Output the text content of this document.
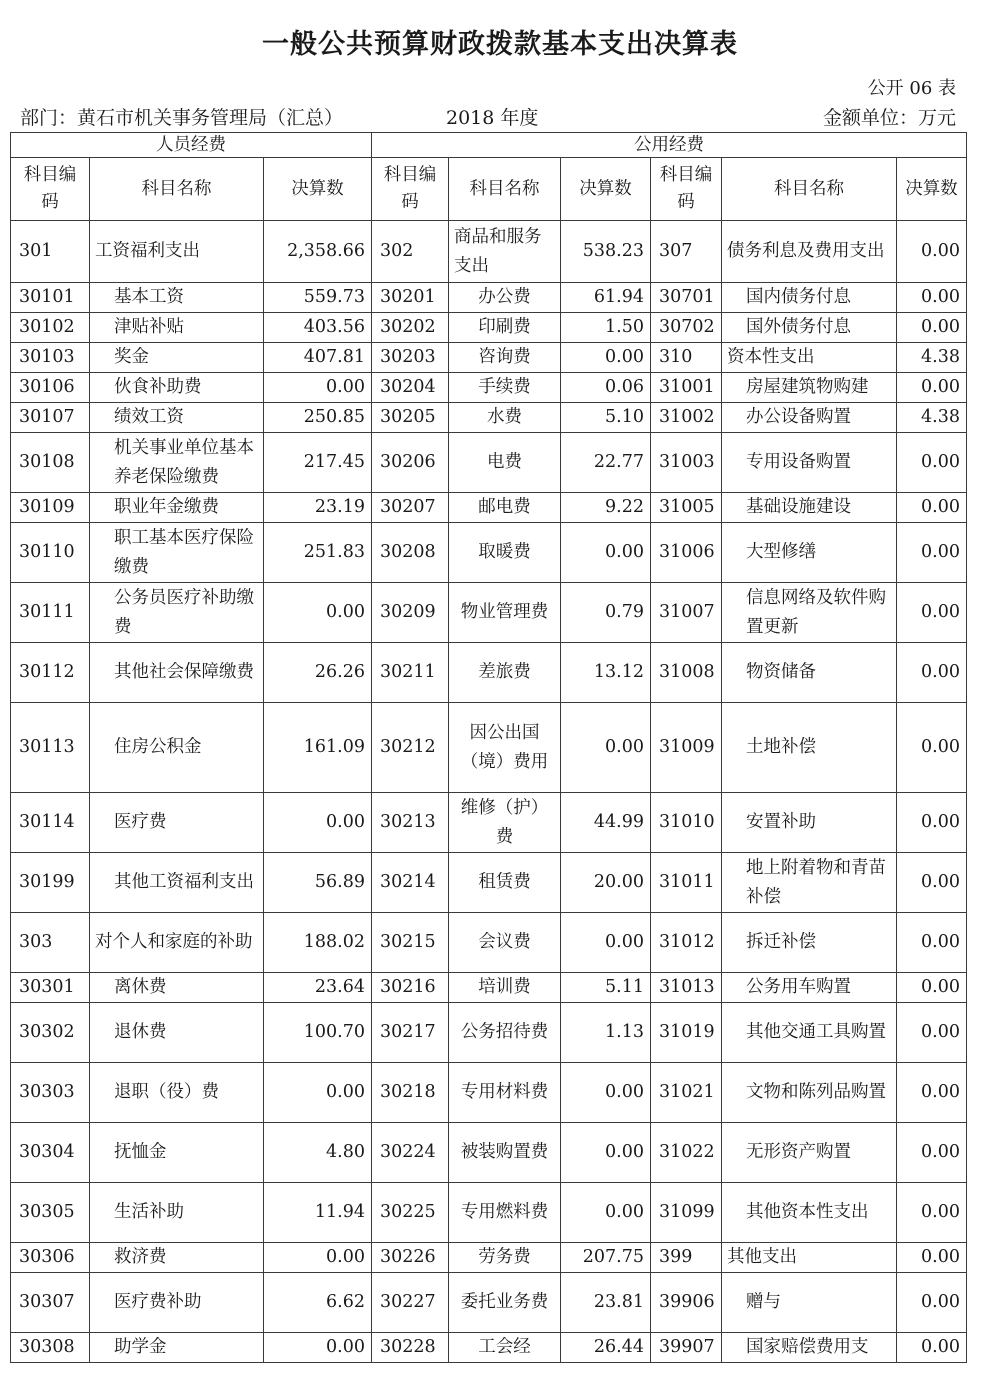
一般公共预算财政拨款基本支出决算表
公开 06 表
部门：黄石市机关事务管理局（汇总）	2018 年度	金额单位：万元
人员经费			公用经费					
科目编码	科目名称	决算数	科目编码	科目名称	决算数	科目编码	科目名称	决算数
301	工资福利支出	2,358.66	302	商品和服务支出	538.23	307	债务利息及费用支出	0.00
30101	基本工资	559.73	30201	办公费	61.94	30701	国内债务付息	0.00
30102	津贴补贴	403.56	30202	印刷费	1.50	30702	国外债务付息	0.00
30103	奖金	407.81	30203	咨询费	0.00	310	资本性支出	4.38
30106	伙食补助费	0.00	30204	手续费	0.06	31001	房屋建筑物购建	0.00
30107	绩效工资	250.85	30205	水费	5.10	31002	办公设备购置	4.38
30108	机关事业单位基本养老保险缴费	217.45	30206	电费	22.77	31003	专用设备购置	0.00
30109	职业年金缴费	23.19	30207	邮电费	9.22	31005	基础设施建设	0.00
30110	职工基本医疗保险缴费	251.83	30208	取暖费	0.00	31006	大型修缮	0.00
30111	公务员医疗补助缴费	0.00	30209	物业管理费	0.79	31007	信息网络及软件购置更新	0.00
30112	其他社会保障缴费	26.26	30211	差旅费	13.12	31008	物资储备	0.00
30113	住房公积金	161.09	30212	因公出国（境）费用	0.00	31009	土地补偿	0.00
30114	医疗费	0.00	30213	维修（护）费	44.99	31010	安置补助	0.00
30199	其他工资福利支出	56.89	30214	租赁费	20.00	31011	地上附着物和青苗补偿	0.00
303	对个人和家庭的补助	188.02	30215	会议费	0.00	31012	拆迁补偿	0.00
30301	离休费	23.64	30216	培训费	5.11	31013	公务用车购置	0.00
30302	退休费	100.70	30217	公务招待费	1.13	31019	其他交通工具购置	0.00
30303	退职（役）费	0.00	30218	专用材料费	0.00	31021	文物和陈列品购置	0.00
30304	抚恤金	4.80	30224	被装购置费	0.00	31022	无形资产购置	0.00
30305	生活补助	11.94	30225	专用燃料费	0.00	31099	其他资本性支出	0.00
30306	救济费	0.00	30226	劳务费	207.75	399	其他支出	0.00
30307	医疗费补助	6.62	30227	委托业务费	23.81	39906	赠与	0.00
30308	助学金	0.00	30228	工会经	26.44	39907	国家赔偿费用支	0.00
